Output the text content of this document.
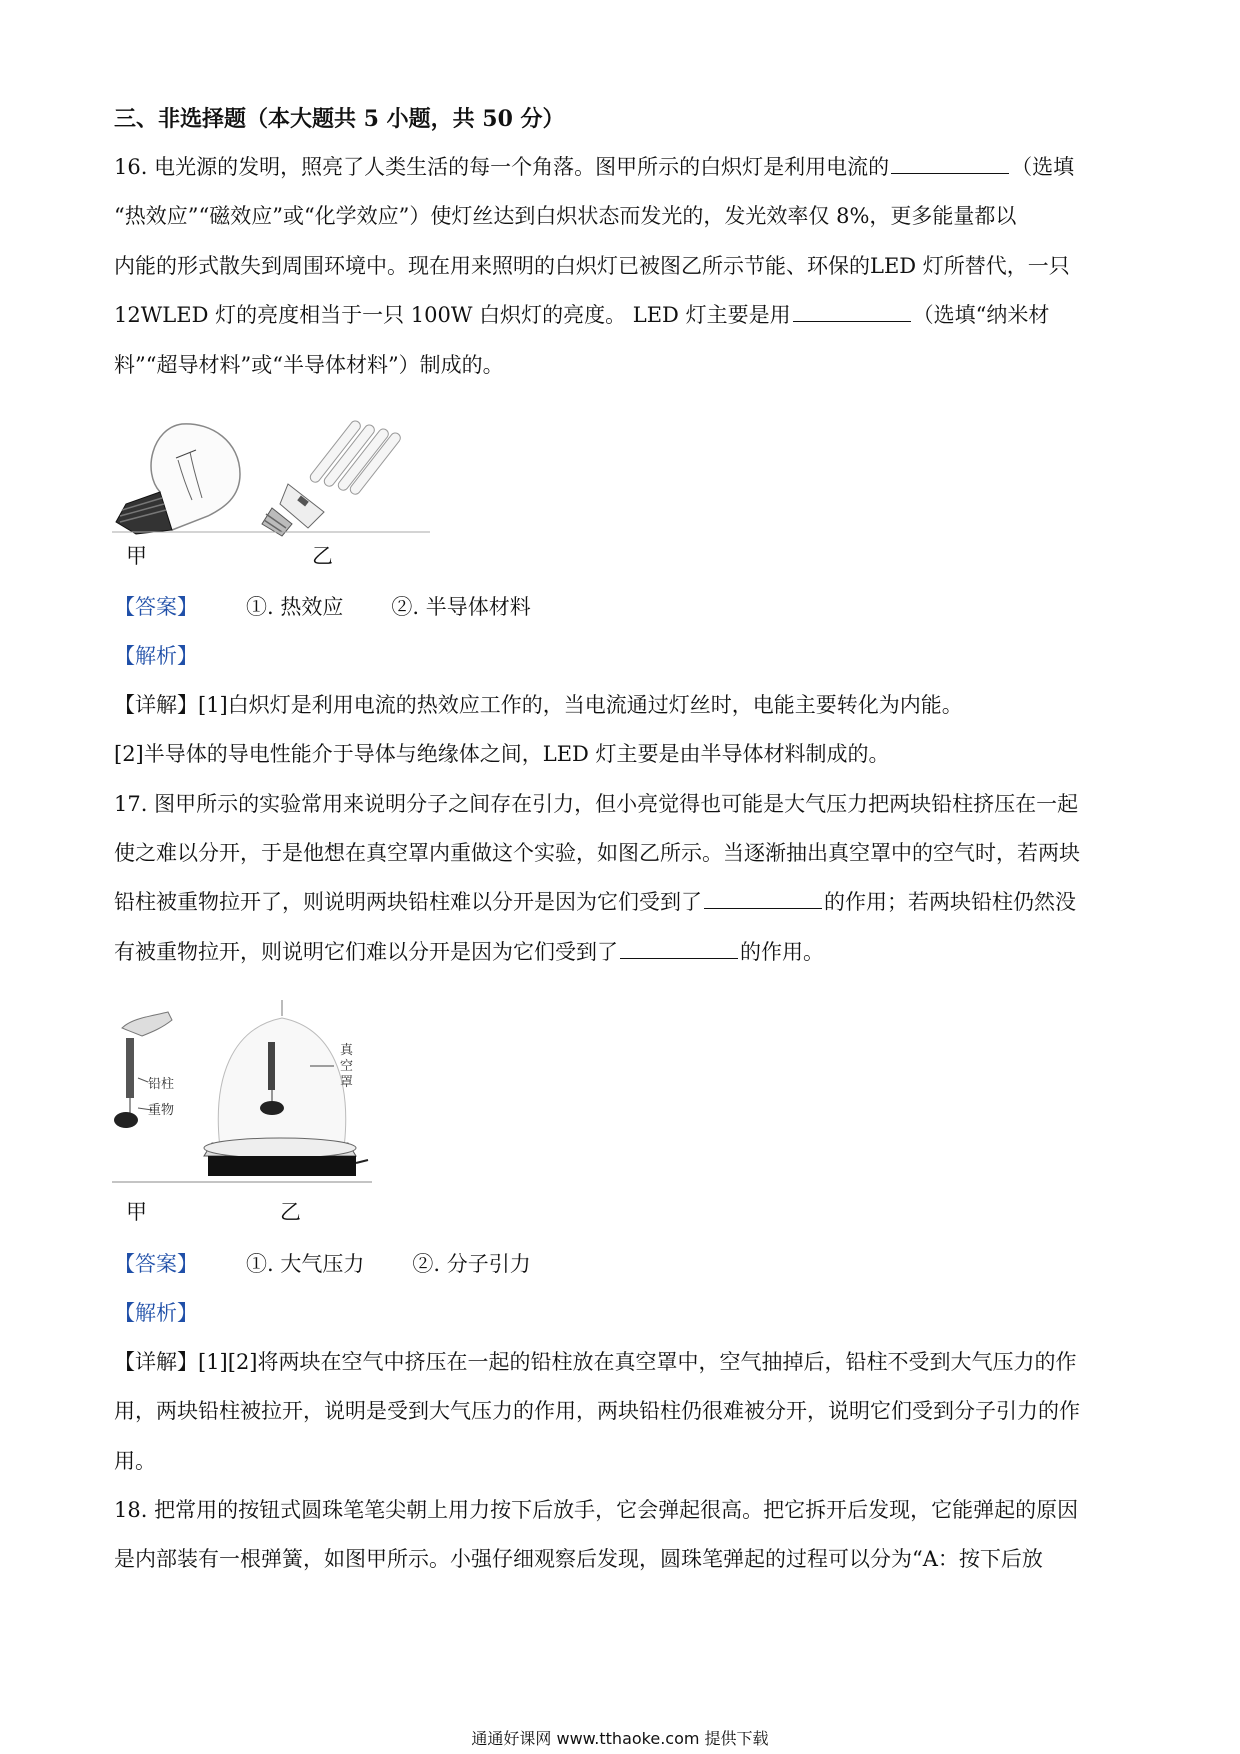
三、非选择题（本大题共 5 小题，共 50 分）
16. 电光源的发明，照亮了人类生活的每一个角落。图甲所示的白炽灯是利用电流的	（选填
“热效应”“磁效应”或“化学效应”）使灯丝达到白炽状态而发光的，发光效率仅 8%，更多能量都以
内能的形式散失到周围环境中。现在用来照明的白炽灯已被图乙所示节能、环保的LED 灯所替代，一只
12WLED 灯的亮度相当于一只 100W 白炽灯的亮度。 LED 灯主要是用	（选填“纳米材
料”“超导材料”或“半导体材料”）制成的。
甲	乙
【答案】 ①. 热效应 ②. 半导体材料
【解析】
【详解】[1]白炽灯是利用电流的热效应工作的，当电流通过灯丝时，电能主要转化为内能。
[2]半导体的导电性能介于导体与绝缘体之间，LED 灯主要是由半导体材料制成的。
17. 图甲所示的实验常用来说明分子之间存在引力，但小亮觉得也可能是大气压力把两块铅柱挤压在一起
使之难以分开，于是他想在真空罩内重做这个实验，如图乙所示。当逐渐抽出真空罩中的空气时，若两块
铅柱被重物拉开了，则说明两块铅柱难以分开是因为它们受到了	的作用；若两块铅柱仍然没
有被重物拉开，则说明它们难以分开是因为它们受到了	的作用。
铅柱
重物
真 空 罩
甲	乙
【答案】 ①. 大气压力 ②. 分子引力
【解析】
【详解】[1][2]将两块在空气中挤压在一起的铅柱放在真空罩中，空气抽掉后，铅柱不受到大气压力的作
用，两块铅柱被拉开，说明是受到大气压力的作用，两块铅柱仍很难被分开，说明它们受到分子引力的作
用。
18. 把常用的按钮式圆珠笔笔尖朝上用力按下后放手，它会弹起很高。把它拆开后发现，它能弹起的原因
是内部装有一根弹簧，如图甲所示。小强仔细观察后发现，圆珠笔弹起的过程可以分为“A：按下后放
通通好课网 www.tthaoke.com 提供下载
